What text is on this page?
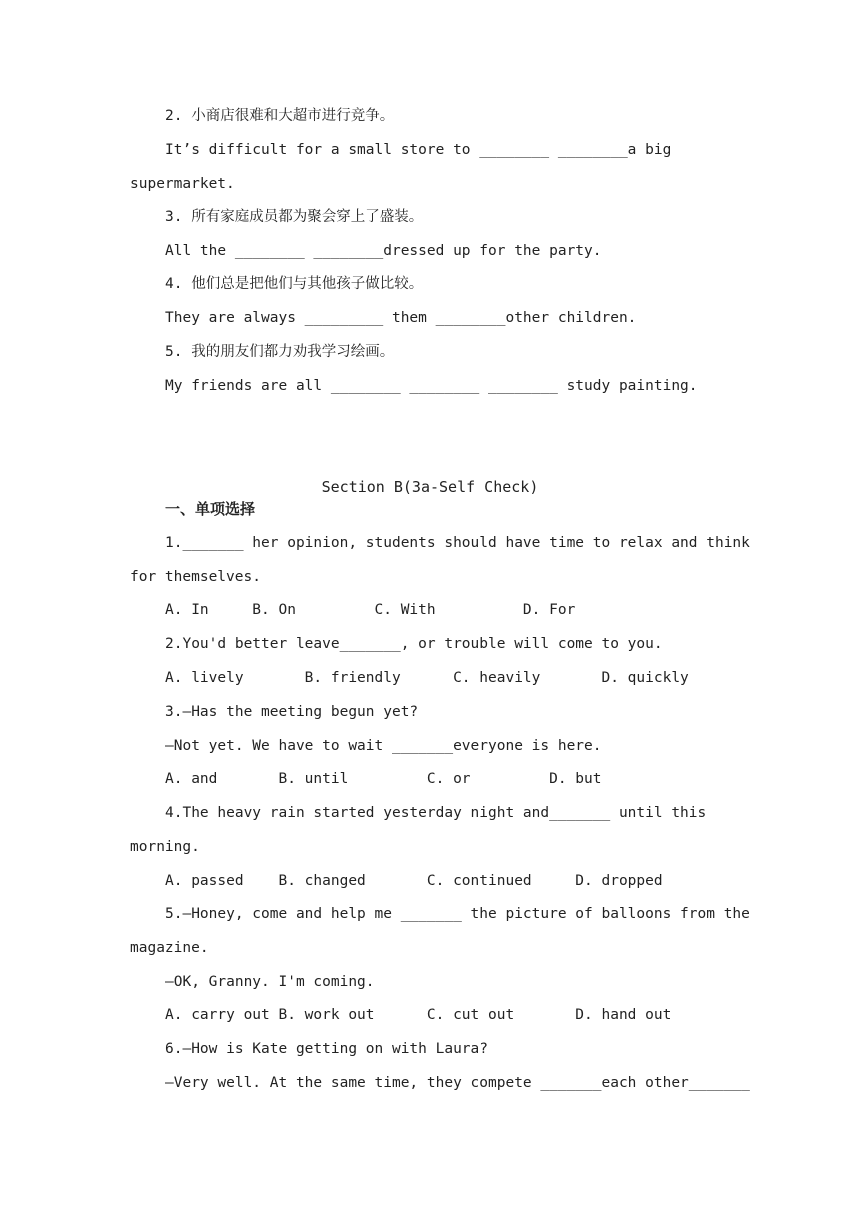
2. 小商店很难和大超市进行竞争。
It’s difficult for a small store to ________ ________a big
supermarket.
3. 所有家庭成员都为聚会穿上了盛装。
All the ________ ________dressed up for the party.
4. 他们总是把他们与其他孩子做比较。
They are always _________ them ________other children.
5. 我的朋友们都力劝我学习绘画。
My friends are all ________ ________ ________ study painting.
Section B(3a-Self Check)
一、单项选择
1._______ her opinion, students should have time to relax and think
for themselves.
A. In     B. On         C. With          D. For
2.You'd better leave_______, or trouble will come to you.
A. lively       B. friendly      C. heavily       D. quickly
3.—Has the meeting begun yet?
—Not yet. We have to wait _______everyone is here.
A. and       B. until         C. or         D. but
4.The heavy rain started yesterday night and_______ until this
morning.
A. passed    B. changed       C. continued     D. dropped
5.—Honey, come and help me _______ the picture of balloons from the
magazine.
—OK, Granny. I'm coming.
A. carry out B. work out      C. cut out       D. hand out
6.—How is Kate getting on with Laura?
—Very well. At the same time, they compete _______each other_______
